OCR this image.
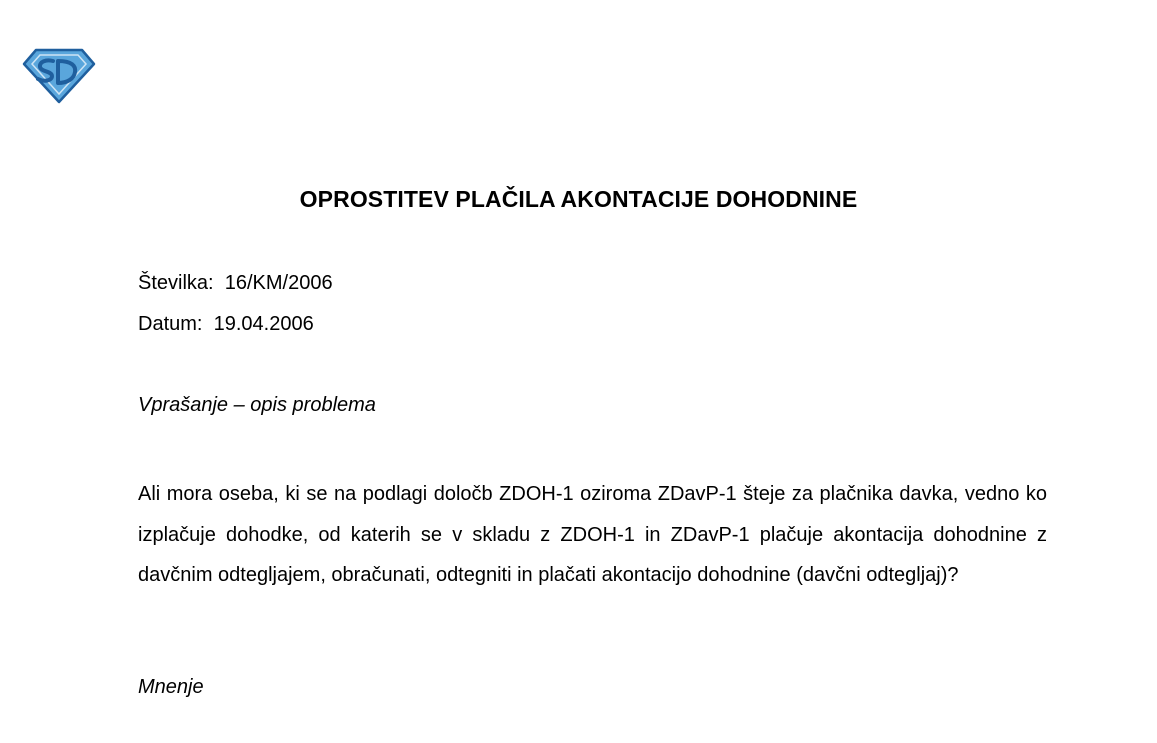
OPROSTITEV PLAČILA AKONTACIJE DOHODNINE
Številka: 16/KM/2006
Datum: 19.04.2006
Vprašanje – opis problema

Ali mora oseba, ki se na podlagi določb ZDOH-1 oziroma ZDavP-1 šteje za plačnika davka, vedno ko izplačuje dohodke, od katerih se v skladu z ZDOH-1 in ZDavP-1 plačuje akontacija dohodnine z davčnim odtegljajem, obračunati, odtegniti in plačati akontacijo dohodnine (davčni odtegljaj)?

Mnenje
